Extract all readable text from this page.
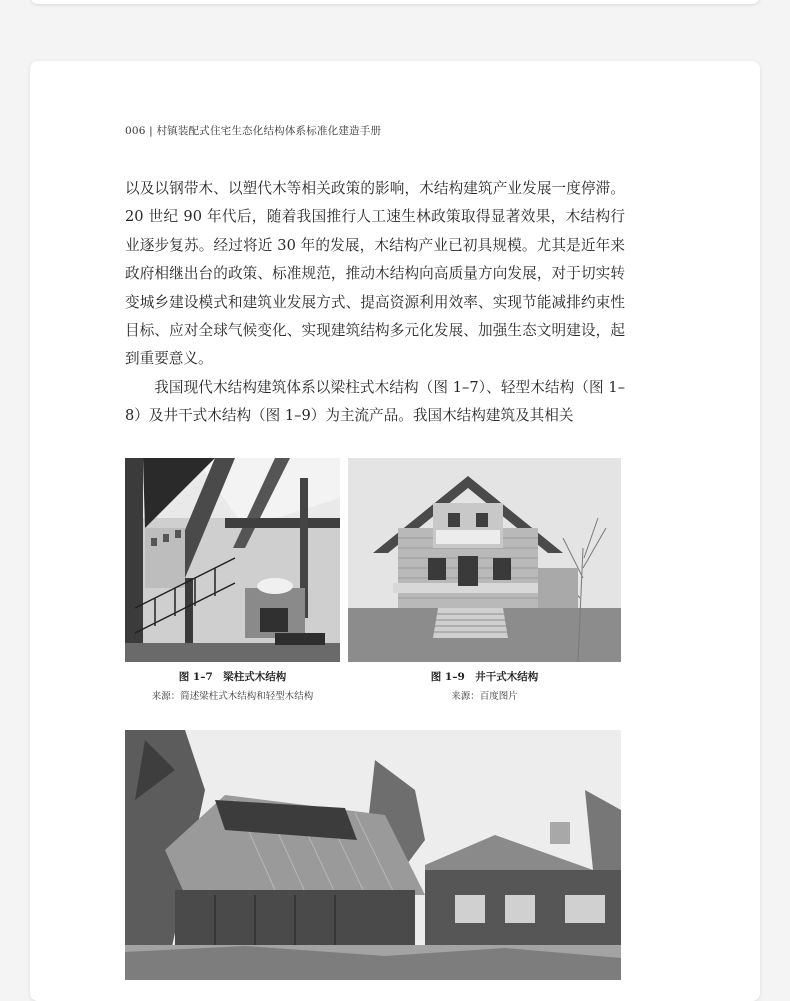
006 | 村镇装配式住宅生态化结构体系标准化建造手册

以及以钢带木、以塑代木等相关政策的影响，木结构建筑产业发展一度停滞。20 世纪 90 年代后，随着我国推行人工速生林政策取得显著效果，木结构行业逐步复苏。经过将近 30 年的发展，木结构产业已初具规模。尤其是近年来政府相继出台的政策、标准规范，推动木结构向高质量方向发展，对于切实转变城乡建设模式和建筑业发展方式、提高资源利用效率、实现节能减排约束性目标、应对全球气候变化、实现建筑结构多元化发展、加强生态文明建设，起到重要意义。

我国现代木结构建筑体系以梁柱式木结构（图 1–7）、轻型木结构（图 1–8）及井干式木结构（图 1–9）为主流产品。我国木结构建筑及其相关

图 1–7　梁柱式木结构
来源：简述梁柱式木结构和轻型木结构
图 1–9　井干式木结构
来源：百度图片
